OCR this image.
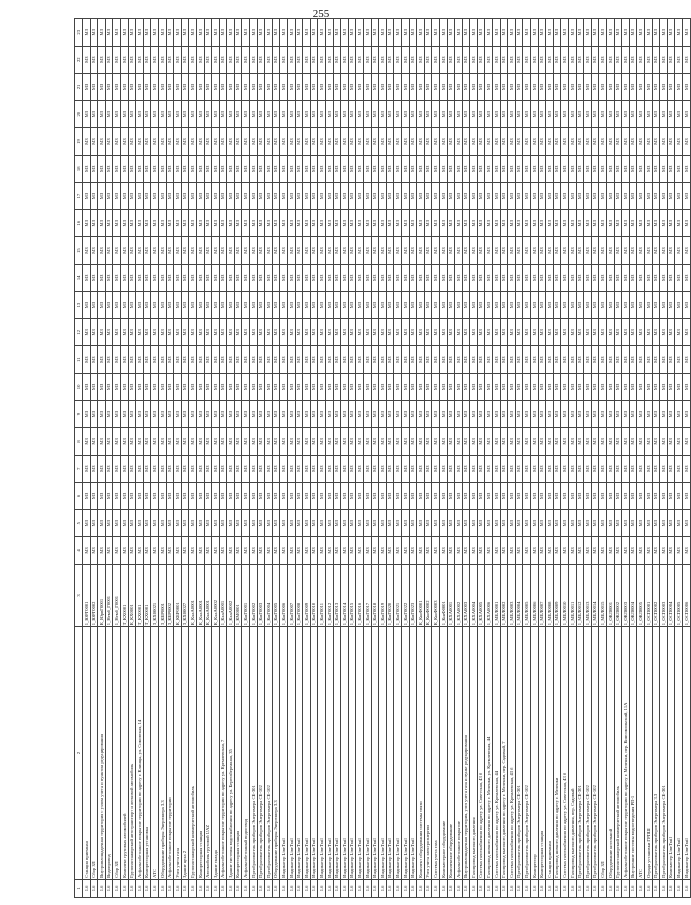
255
1	2	3	4	5	6	7	8	9	10	11	12	13	14	15	16	17	18	19	20	21	22	23
1.6	Станция приемная	1_ЮРГ0001	МЗ	МЗ	МЗ	МЗ	МЗ	МЗ	МЗ	МЗ	МЗ	МЗ	МЗ	МЗ	МЗ	МЗ	МЗ	МЗ	МЗ	МЗ	МЗ	МЗ
1.6	Сбор ЗЛ	1_ЮРГ0002	МЗ	МЗ	МЗ	МЗ	МЗ	МЗ	МЗ	МЗ	МЗ	МЗ	МЗ	МЗ	МЗ	МЗ	МЗ	МЗ	МЗ	МЗ	МЗ	МЗ
1.6	Внутриплощадочная территория с узлом учета и пунктом редуцирования	К_ЮрвГ0001	МЗ	МЗ	МЗ	МЗ	МЗ	МЗ	МЗ	МЗ	МЗ	МЗ	МЗ	МЗ	МЗ	МЗ	МЗ	МЗ	МЗ	МЗ	МЗ	МЗ
1.6	Водопровод	1_Немб_Г0001	МЗ	МЗ	МЗ	МЗ	МЗ	МЗ	МЗ	МЗ	МЗ	МЗ	МЗ	МЗ	МЗ	МЗ	МЗ	МЗ	МЗ	МЗ	МЗ	МЗ
1.6	Сбор ЗЛ	1_Немб_Г0001	МЗ	МЗ	МЗ	МЗ	МЗ	МЗ	МЗ	МЗ	МЗ	МЗ	МЗ	МЗ	МЗ	МЗ	МЗ	МЗ	МЗ	МЗ	МЗ	МЗ
1.6	Комплекс грузовых автомобилей	Т_КХ0001	МЗ	МЗ	МЗ	МЗ	МЗ	МЗ	МЗ	МЗ	МЗ	МЗ	МЗ	МЗ	МЗ	МЗ	МЗ	МЗ	МЗ	МЗ	МЗ	МЗ
1.6	Грузопассажирский автотранспорт и легковой автомобиль	К_КХ0001	МЗ	МЗ	МЗ	МЗ	МЗ	МЗ	МЗ	МЗ	МЗ	МЗ	МЗ	МЗ	МЗ	МЗ	МЗ	МЗ	МЗ	МЗ	МЗ	МЗ
1.6	Асфальтобетонное покрытие территории по адресу г. Клинцы, ул. Сомовская, 14	Т_КХ0001	МЗ	МЗ	МЗ	МЗ	МЗ	МЗ	МЗ	МЗ	МЗ	МЗ	МЗ	МЗ	МЗ	МЗ	МЗ	МЗ	МЗ	МЗ	МЗ	МЗ
1.6	Компрессорная установка	Т_КХ0001	МЗ	МЗ	МЗ	МЗ	МЗ	МЗ	МЗ	МЗ	МЗ	МЗ	МЗ	МЗ	МЗ	МЗ	МЗ	МЗ	МЗ	МЗ	МЗ	МЗ
1.6	АТС	3_КХ00021	МЗ	МЗ	МЗ	МЗ	МЗ	МЗ	МЗ	МЗ	МЗ	МЗ	МЗ	МЗ	МЗ	МЗ	МЗ	МЗ	МЗ	МЗ	МЗ	МЗ
1.6	Оборудование приборы Энергомера 3.3	3_КЕР0001	МЗ	МЗ	МЗ	МЗ	МЗ	МЗ	МЗ	МЗ	МЗ	МЗ	МЗ	МЗ	МЗ	МЗ	МЗ	МЗ	МЗ	МЗ	МЗ	МЗ
1.6	Асфальтобетонное покрытие территории	3_КЕР0002	МЗ	МЗ	МЗ	МЗ	МЗ	МЗ	МЗ	МЗ	МЗ	МЗ	МЗ	МЗ	МЗ	МЗ	МЗ	МЗ	МЗ	МЗ	МЗ	МЗ
1.6	Узел учета газа	К_КЕР0001	МЗ	МЗ	МЗ	МЗ	МЗ	МЗ	МЗ	МЗ	МЗ	МЗ	МЗ	МЗ	МЗ	МЗ	МЗ	МЗ	МЗ	МЗ	МЗ	МЗ
1.6	Здание цеха 2	3_КХ00027	МЗ	МЗ	МЗ	МЗ	МЗ	МЗ	МЗ	МЗ	МЗ	МЗ	МЗ	МЗ	МЗ	МЗ	МЗ	МЗ	МЗ	МЗ	МЗ	МЗ
1.6	Грузопассажирский коммерческий автомобиль	К_КхаА0001	МЗ	МЗ	МЗ	МЗ	МЗ	МЗ	МЗ	МЗ	МЗ	МЗ	МЗ	МЗ	МЗ	МЗ	МЗ	МЗ	МЗ	МЗ	МЗ	МЗ
1.6	Компрессорная станция	К_КхаА0001	МЗ	МЗ	МЗ	МЗ	МЗ	МЗ	МЗ	МЗ	МЗ	МЗ	МЗ	МЗ	МЗ	МЗ	МЗ	МЗ	МЗ	МЗ	МЗ	МЗ
1.6	Автомобиль грузовой UAZ	К_КхаА0001	МЗ	МЗ	МЗ	МЗ	МЗ	МЗ	МЗ	МЗ	МЗ	МЗ	МЗ	МЗ	МЗ	МЗ	МЗ	МЗ	МЗ	МЗ	МЗ	МЗ
1.6	Здание склада	К_КхаА0002	МЗ	МЗ	МЗ	МЗ	МЗ	МЗ	МЗ	МЗ	МЗ	МЗ	МЗ	МЗ	МЗ	МЗ	МЗ	МЗ	МЗ	МЗ	МЗ	МЗ
1.6	Асфальтобетонное покрытие территории по адресу ул. Кремлевская, 7	1_КхаА0001	МЗ	МЗ	МЗ	МЗ	МЗ	МЗ	МЗ	МЗ	МЗ	МЗ	МЗ	МЗ	МЗ	МЗ	МЗ	МЗ	МЗ	МЗ	МЗ	МЗ
1.6	Здание системы водоснабжения по адресу ул. Берегабережная, 35	1_КхаА0002	МЗ	МЗ	МЗ	МЗ	МЗ	МЗ	МЗ	МЗ	МЗ	МЗ	МЗ	МЗ	МЗ	МЗ	МЗ	МЗ	МЗ	МЗ	МЗ	МЗ
1.6	Компрессорная станция	1_КМ0001	МЗ	МЗ	МЗ	МЗ	МЗ	МЗ	МЗ	МЗ	МЗ	МЗ	МЗ	МЗ	МЗ	МЗ	МЗ	МЗ	МЗ	МЗ	МЗ	МЗ
1.6	Асфальтобетонный водоотвод	1_КмГ0001	МЗ	МЗ	МЗ	МЗ	МЗ	МЗ	МЗ	МЗ	МЗ	МЗ	МЗ	МЗ	МЗ	МЗ	МЗ	МЗ	МЗ	МЗ	МЗ	МЗ
1.6	Преобразователь приборов Энергомера СЕ-301	1_КмГ0002	МЗ	МЗ	МЗ	МЗ	МЗ	МЗ	МЗ	МЗ	МЗ	МЗ	МЗ	МЗ	МЗ	МЗ	МЗ	МЗ	МЗ	МЗ	МЗ	МЗ
1.6	Преобразователь приборов Энергомера СЕ-102	1_КмГ0003	МЗ	МЗ	МЗ	МЗ	МЗ	МЗ	МЗ	МЗ	МЗ	МЗ	МЗ	МЗ	МЗ	МЗ	МЗ	МЗ	МЗ	МЗ	МЗ	МЗ
1.6	Преобразователь приборов Энергомера СЕ-102	1_КмГ0004	МЗ	МЗ	МЗ	МЗ	МЗ	МЗ	МЗ	МЗ	МЗ	МЗ	МЗ	МЗ	МЗ	МЗ	МЗ	МЗ	МЗ	МЗ	МЗ	МЗ
1.6	Оборудование приборы Энергомера 3.3	1_КмГ0005	МЗ	МЗ	МЗ	МЗ	МЗ	МЗ	МЗ	МЗ	МЗ	МЗ	МЗ	МЗ	МЗ	МЗ	МЗ	МЗ	МЗ	МЗ	МЗ	МЗ
1.6	Индикатор LineTrail	1_КмГ0006	МЗ	МЗ	МЗ	МЗ	МЗ	МЗ	МЗ	МЗ	МЗ	МЗ	МЗ	МЗ	МЗ	МЗ	МЗ	МЗ	МЗ	МЗ	МЗ	МЗ
1.6	Индикатор LineTrail	1_КмГ0007	МЗ	МЗ	МЗ	МЗ	МЗ	МЗ	МЗ	МЗ	МЗ	МЗ	МЗ	МЗ	МЗ	МЗ	МЗ	МЗ	МЗ	МЗ	МЗ	МЗ
1.6	Индикатор LineTrail	1_КмГ0008	МЗ	МЗ	МЗ	МЗ	МЗ	МЗ	МЗ	МЗ	МЗ	МЗ	МЗ	МЗ	МЗ	МЗ	МЗ	МЗ	МЗ	МЗ	МЗ	МЗ
1.6	Индикатор LineTrail	1_КмГ0009	МЗ	МЗ	МЗ	МЗ	МЗ	МЗ	МЗ	МЗ	МЗ	МЗ	МЗ	МЗ	МЗ	МЗ	МЗ	МЗ	МЗ	МЗ	МЗ	МЗ
1.6	Индикатор LineTrail	1_КмГ0010	МЗ	МЗ	МЗ	МЗ	МЗ	МЗ	МЗ	МЗ	МЗ	МЗ	МЗ	МЗ	МЗ	МЗ	МЗ	МЗ	МЗ	МЗ	МЗ	МЗ
1.6	Индикатор LineTrail	1_КмГ0011	МЗ	МЗ	МЗ	МЗ	МЗ	МЗ	МЗ	МЗ	МЗ	МЗ	МЗ	МЗ	МЗ	МЗ	МЗ	МЗ	МЗ	МЗ	МЗ	МЗ
1.6	Индикатор LineTrail	1_КмГ0012	МЗ	МЗ	МЗ	МЗ	МЗ	МЗ	МЗ	МЗ	МЗ	МЗ	МЗ	МЗ	МЗ	МЗ	МЗ	МЗ	МЗ	МЗ	МЗ	МЗ
1.6	Индикатор LineTrail	1_КмГ0013	МЗ	МЗ	МЗ	МЗ	МЗ	МЗ	МЗ	МЗ	МЗ	МЗ	МЗ	МЗ	МЗ	МЗ	МЗ	МЗ	МЗ	МЗ	МЗ	МЗ
1.6	Индикатор LineTrail	1_КмГ0014	МЗ	МЗ	МЗ	МЗ	МЗ	МЗ	МЗ	МЗ	МЗ	МЗ	МЗ	МЗ	МЗ	МЗ	МЗ	МЗ	МЗ	МЗ	МЗ	МЗ
1.6	Индикатор LineTrail	1_КмГ0015	МЗ	МЗ	МЗ	МЗ	МЗ	МЗ	МЗ	МЗ	МЗ	МЗ	МЗ	МЗ	МЗ	МЗ	МЗ	МЗ	МЗ	МЗ	МЗ	МЗ
1.6	Индикатор LineTrail	1_КмГ0016	МЗ	МЗ	МЗ	МЗ	МЗ	МЗ	МЗ	МЗ	МЗ	МЗ	МЗ	МЗ	МЗ	МЗ	МЗ	МЗ	МЗ	МЗ	МЗ	МЗ
1.6	Индикатор LineTrail	1_КмГ0017	МЗ	МЗ	МЗ	МЗ	МЗ	МЗ	МЗ	МЗ	МЗ	МЗ	МЗ	МЗ	МЗ	МЗ	МЗ	МЗ	МЗ	МЗ	МЗ	МЗ
1.6	Индикатор LineTrail	1_КмГ0018	МЗ	МЗ	МЗ	МЗ	МЗ	МЗ	МЗ	МЗ	МЗ	МЗ	МЗ	МЗ	МЗ	МЗ	МЗ	МЗ	МЗ	МЗ	МЗ	МЗ
1.6	Индикатор LineTrail	1_КмГ0019	МЗ	МЗ	МЗ	МЗ	МЗ	МЗ	МЗ	МЗ	МЗ	МЗ	МЗ	МЗ	МЗ	МЗ	МЗ	МЗ	МЗ	МЗ	МЗ	МЗ
1.6	Индикатор LineTrail	1_КмГ0020	МЗ	МЗ	МЗ	МЗ	МЗ	МЗ	МЗ	МЗ	МЗ	МЗ	МЗ	МЗ	МЗ	МЗ	МЗ	МЗ	МЗ	МЗ	МЗ	МЗ
1.6	Индикатор LineTrail	1_КмГ0021	МЗ	МЗ	МЗ	МЗ	МЗ	МЗ	МЗ	МЗ	МЗ	МЗ	МЗ	МЗ	МЗ	МЗ	МЗ	МЗ	МЗ	МЗ	МЗ	МЗ
1.6	Индикатор LineTrail	1_КмГ0022	МЗ	МЗ	МЗ	МЗ	МЗ	МЗ	МЗ	МЗ	МЗ	МЗ	МЗ	МЗ	МЗ	МЗ	МЗ	МЗ	МЗ	МЗ	МЗ	МЗ
1.6	Индикатор LineTrail	1_КмГ0023	МЗ	МЗ	МЗ	МЗ	МЗ	МЗ	МЗ	МЗ	МЗ	МЗ	МЗ	МЗ	МЗ	МЗ	МЗ	МЗ	МЗ	МЗ	МЗ	МЗ
1.6	Комплект оборудования системы связи	К_КшФ0001	МЗ	МЗ	МЗ	МЗ	МЗ	МЗ	МЗ	МЗ	МЗ	МЗ	МЗ	МЗ	МЗ	МЗ	МЗ	МЗ	МЗ	МЗ	МЗ	МЗ
1.6	Узел учета электроэнергии	К_КшФ0002	МЗ	МЗ	МЗ	МЗ	МЗ	МЗ	МЗ	МЗ	МЗ	МЗ	МЗ	МЗ	МЗ	МЗ	МЗ	МЗ	МЗ	МЗ	МЗ	МЗ
1.6	Система учета газа	К_КшФ0003	МЗ	МЗ	МЗ	МЗ	МЗ	МЗ	МЗ	МЗ	МЗ	МЗ	МЗ	МЗ	МЗ	МЗ	МЗ	МЗ	МЗ	МЗ	МЗ	МЗ
1.6	Компьютерное оборудование	1_КшФ0001	МЗ	МЗ	МЗ	МЗ	МЗ	МЗ	МЗ	МЗ	МЗ	МЗ	МЗ	МЗ	МЗ	МЗ	МЗ	МЗ	МЗ	МЗ	МЗ	МЗ
1.6	Комплексное оборудование	1_КХА0001	МЗ	МЗ	МЗ	МЗ	МЗ	МЗ	МЗ	МЗ	МЗ	МЗ	МЗ	МЗ	МЗ	МЗ	МЗ	МЗ	МЗ	МЗ	МЗ	МЗ
1.6	Асфальтобетонное покрытие	1_КХА0002	МЗ	МЗ	МЗ	МЗ	МЗ	МЗ	МЗ	МЗ	МЗ	МЗ	МЗ	МЗ	МЗ	МЗ	МЗ	МЗ	МЗ	МЗ	МЗ	МЗ
1.6	Внутриплощадочная территория, узел учета газа и пункт редуцирования	1_КХА0003	МЗ	МЗ	МЗ	МЗ	МЗ	МЗ	МЗ	МЗ	МЗ	МЗ	МЗ	МЗ	МЗ	МЗ	МЗ	МЗ	МЗ	МЗ	МЗ	МЗ
1.6	Газопровод высокого давления	1_КХА0004	МЗ	МЗ	МЗ	МЗ	МЗ	МЗ	МЗ	МЗ	МЗ	МЗ	МЗ	МЗ	МЗ	МЗ	МЗ	МЗ	МЗ	МЗ	МЗ	МЗ
1.6	Система газоснабжения по адресу ул. Советская, 43 б	1_КХА0005	МЗ	МЗ	МЗ	МЗ	МЗ	МЗ	МЗ	МЗ	МЗ	МЗ	МЗ	МЗ	МЗ	МЗ	МЗ	МЗ	МЗ	МЗ	МЗ	МЗ
1.6	Газопровод низкого давления по адресу г. Меленки, ул. Кремлевская, 44	1_КХА0006	МЗ	МЗ	МЗ	МЗ	МЗ	МЗ	МЗ	МЗ	МЗ	МЗ	МЗ	МЗ	МЗ	МЗ	МЗ	МЗ	МЗ	МЗ	МЗ	МЗ
1.6	Система газоснабжения по адресу ул. Кремлевская, 44	1_МЕЛ0001	МЗ	МЗ	МЗ	МЗ	МЗ	МЗ	МЗ	МЗ	МЗ	МЗ	МЗ	МЗ	МЗ	МЗ	МЗ	МЗ	МЗ	МЗ	МЗ	МЗ
1.6	Газопровод высокого давления по адресу г. Меленки, пер. Садовый, 7	1_МЕЛ0002	МЗ	МЗ	МЗ	МЗ	МЗ	МЗ	МЗ	МЗ	МЗ	МЗ	МЗ	МЗ	МЗ	МЗ	МЗ	МЗ	МЗ	МЗ	МЗ	МЗ
1.6	Система газоснабжения по адресу ул. Кремлевская, 43 б	1_МЕЛ0003	МЗ	МЗ	МЗ	МЗ	МЗ	МЗ	МЗ	МЗ	МЗ	МЗ	МЗ	МЗ	МЗ	МЗ	МЗ	МЗ	МЗ	МЗ	МЗ	МЗ
1.6	Преобразователь приборов Энергомера СЕ-301	1_МЕЛ0004	МЗ	МЗ	МЗ	МЗ	МЗ	МЗ	МЗ	МЗ	МЗ	МЗ	МЗ	МЗ	МЗ	МЗ	МЗ	МЗ	МЗ	МЗ	МЗ	МЗ
1.6	Преобразователь приборов Энергомера СЕ-102	1_МЕЛ0005	МЗ	МЗ	МЗ	МЗ	МЗ	МЗ	МЗ	МЗ	МЗ	МЗ	МЗ	МЗ	МЗ	МЗ	МЗ	МЗ	МЗ	МЗ	МЗ	МЗ
1.6	Компрессор	1_МЕЛ0006	МЗ	МЗ	МЗ	МЗ	МЗ	МЗ	МЗ	МЗ	МЗ	МЗ	МЗ	МЗ	МЗ	МЗ	МЗ	МЗ	МЗ	МЗ	МЗ	МЗ
1.6	Компрессорная станция	1_МЕЛ0007	МЗ	МЗ	МЗ	МЗ	МЗ	МЗ	МЗ	МЗ	МЗ	МЗ	МЗ	МЗ	МЗ	МЗ	МЗ	МЗ	МЗ	МЗ	МЗ	МЗ
1.6	Станция приемная	1_МЕЛ0008	МЗ	МЗ	МЗ	МЗ	МЗ	МЗ	МЗ	МЗ	МЗ	МЗ	МЗ	МЗ	МЗ	МЗ	МЗ	МЗ	МЗ	МЗ	МЗ	МЗ
1.6	Газопровод низкого давления по адресу г. Меленки	1_МЕЛ0009	МЗ	МЗ	МЗ	МЗ	МЗ	МЗ	МЗ	МЗ	МЗ	МЗ	МЗ	МЗ	МЗ	МЗ	МЗ	МЗ	МЗ	МЗ	МЗ	МЗ
1.6	Система газоснабжения по адресу ул. Советская, 43 б	1_МЕЛ0010	МЗ	МЗ	МЗ	МЗ	МЗ	МЗ	МЗ	МЗ	МЗ	МЗ	МЗ	МЗ	МЗ	МЗ	МЗ	МЗ	МЗ	МЗ	МЗ	МЗ
1.6	Газопровод высокого давления, пер. Садовый	1_МЕЛ0011	МЗ	МЗ	МЗ	МЗ	МЗ	МЗ	МЗ	МЗ	МЗ	МЗ	МЗ	МЗ	МЗ	МЗ	МЗ	МЗ	МЗ	МЗ	МЗ	МЗ
1.6	Преобразователь приборов Энергомера СЕ-301	1_МЕЛ0012	МЗ	МЗ	МЗ	МЗ	МЗ	МЗ	МЗ	МЗ	МЗ	МЗ	МЗ	МЗ	МЗ	МЗ	МЗ	МЗ	МЗ	МЗ	МЗ	МЗ
1.6	Преобразователь приборов Энергомера СЕ-102	1_МЕЛ0013	МЗ	МЗ	МЗ	МЗ	МЗ	МЗ	МЗ	МЗ	МЗ	МЗ	МЗ	МЗ	МЗ	МЗ	МЗ	МЗ	МЗ	МЗ	МЗ	МЗ
1.6	Преобразователь приборов Энергомера СЕ-102	1_МЕЛ0014	МЗ	МЗ	МЗ	МЗ	МЗ	МЗ	МЗ	МЗ	МЗ	МЗ	МЗ	МЗ	МЗ	МЗ	МЗ	МЗ	МЗ	МЗ	МЗ	МЗ
1.6	Сбор ЗЛ	1_МЕЛ0015	МЗ	МЗ	МЗ	МЗ	МЗ	МЗ	МЗ	МЗ	МЗ	МЗ	МЗ	МЗ	МЗ	МЗ	МЗ	МЗ	МЗ	МЗ	МЗ	МЗ
1.6	Оборудование котельной	1_ОКЛ0001	МЗ	МЗ	МЗ	МЗ	МЗ	МЗ	МЗ	МЗ	МЗ	МЗ	МЗ	МЗ	МЗ	МЗ	МЗ	МЗ	МЗ	МЗ	МЗ	МЗ
1.6	Грузопассажирский коммерческий автомобиль	1_ОКЛ0002	МЗ	МЗ	МЗ	МЗ	МЗ	МЗ	МЗ	МЗ	МЗ	МЗ	МЗ	МЗ	МЗ	МЗ	МЗ	МЗ	МЗ	МЗ	МЗ	МЗ
1.6	Асфальтобетонное покрытие территории по адресу г. Меленки, пер. Комсомольский, 11А	1_ОКЛ0003	МЗ	МЗ	МЗ	МЗ	МЗ	МЗ	МЗ	МЗ	МЗ	МЗ	МЗ	МЗ	МЗ	МЗ	МЗ	МЗ	МЗ	МЗ	МЗ	МЗ
1.6	Внутренние системы водоотведения РП-1	1_ОКЛ0004	МЗ	МЗ	МЗ	МЗ	МЗ	МЗ	МЗ	МЗ	МЗ	МЗ	МЗ	МЗ	МЗ	МЗ	МЗ	МЗ	МЗ	МЗ	МЗ	МЗ
1.6	АТС	1_ОКЛ0005	МЗ	МЗ	МЗ	МЗ	МЗ	МЗ	МЗ	МЗ	МЗ	МЗ	МЗ	МЗ	МЗ	МЗ	МЗ	МЗ	МЗ	МЗ	МЗ	МЗ
1.6	Ограда установки ГРПШ	1_ОСП0001	МЗ	МЗ	МЗ	МЗ	МЗ	МЗ	МЗ	МЗ	МЗ	МЗ	МЗ	МЗ	МЗ	МЗ	МЗ	МЗ	МЗ	МЗ	МЗ	МЗ
1.6	Преобразователь приборов Энергомера 3.3	1_ОСП0002	МЗ	МЗ	МЗ	МЗ	МЗ	МЗ	МЗ	МЗ	МЗ	МЗ	МЗ	МЗ	МЗ	МЗ	МЗ	МЗ	МЗ	МЗ	МЗ	МЗ
1.6	Преобразователь приборов Энергомера СЕ-301	1_ОСП0003	МЗ	МЗ	МЗ	МЗ	МЗ	МЗ	МЗ	МЗ	МЗ	МЗ	МЗ	МЗ	МЗ	МЗ	МЗ	МЗ	МЗ	МЗ	МЗ	МЗ
1.6	Компьютер LineTrail	1_ОСП0004	МЗ	МЗ	МЗ	МЗ	МЗ	МЗ	МЗ	МЗ	МЗ	МЗ	МЗ	МЗ	МЗ	МЗ	МЗ	МЗ	МЗ	МЗ	МЗ	МЗ
1.6	Индикатор LineTrail	1_ОСП0005	МЗ	МЗ	МЗ	МЗ	МЗ	МЗ	МЗ	МЗ	МЗ	МЗ	МЗ	МЗ	МЗ	МЗ	МЗ	МЗ	МЗ	МЗ	МЗ	МЗ
1.6	Индикатор LineTrail	1_ОСП0006	МЗ	МЗ	МЗ	МЗ	МЗ	МЗ	МЗ	МЗ	МЗ	МЗ	МЗ	МЗ	МЗ	МЗ	МЗ	МЗ	МЗ	МЗ	МЗ	МЗ
